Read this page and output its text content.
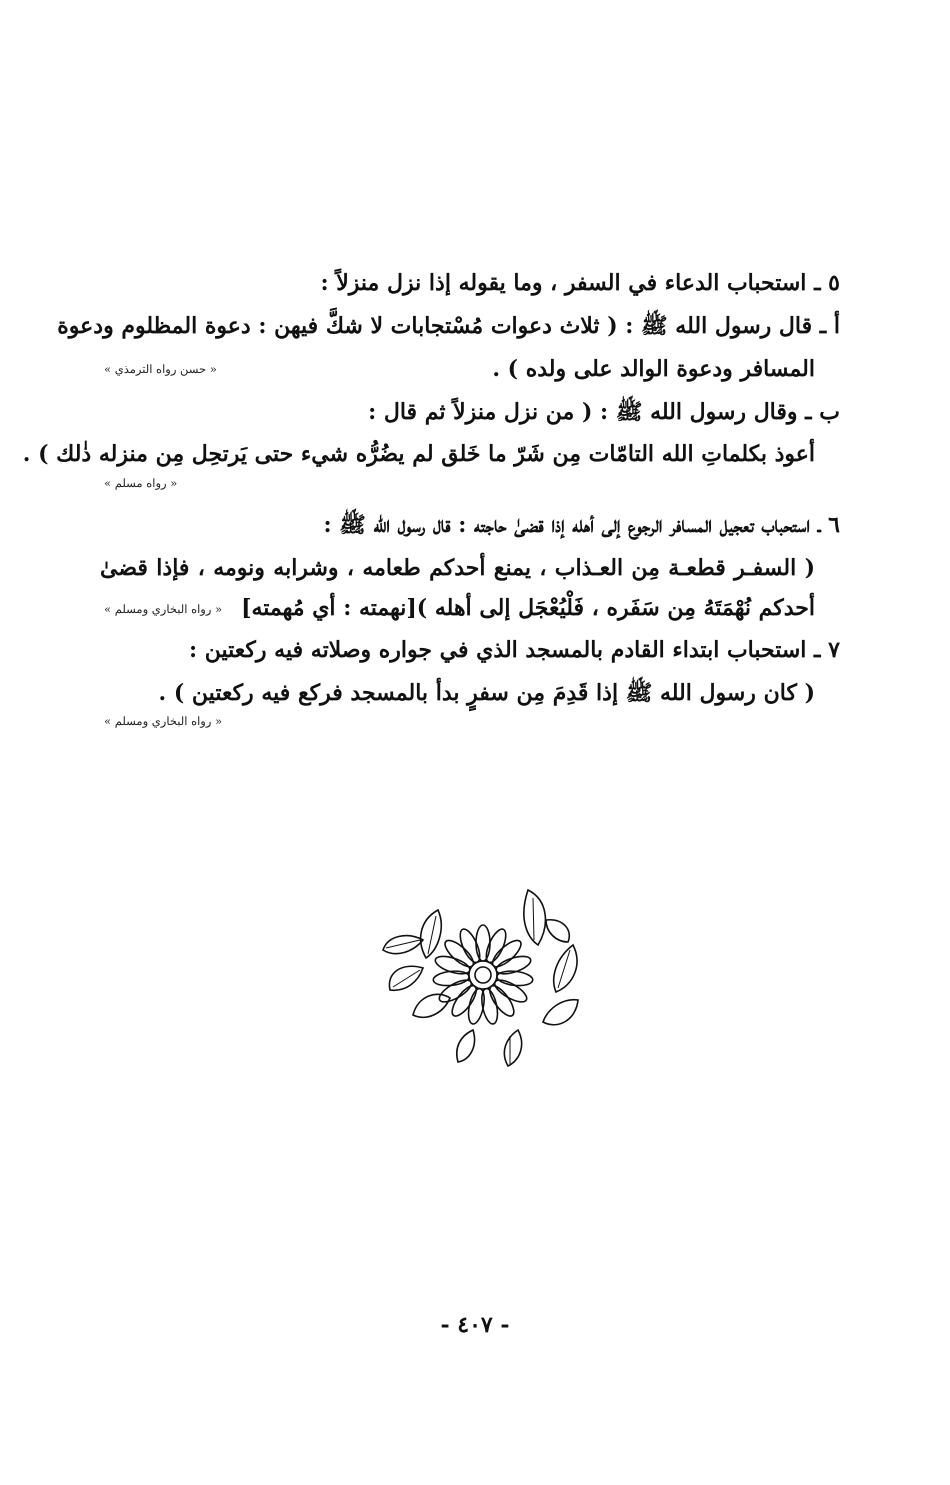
٥ ـ استحباب الدعاء في السفر ، وما يقوله إذا نزل منزلاً :
أ ـ قال رسول الله ﷺ : ( ثلاث دعوات مُسْتجابات لا شكَّ فيهن : دعوة المظلوم ودعوة
المسافر ودعوة الوالد على ولده ) .
« حسن رواه الترمذي »
ب ـ وقال رسول الله ﷺ : ( من نزل منزلاً ثم قال :
أعوذ بكلماتِ الله التامّات مِن شَرّ ما خَلق لم يضُرُّه شيء حتى يَرتحِل مِن منزله ذٰلك ) .
« رواه مسلم »
٦ ـ استحباب تعجيل المسافر الرجوع إلى أهله إذا قضىٰ حاجته : قال رسول الله ﷺ :
( السفـر قطعـة مِن العـذاب ، يمنع أحدكم طعامه ، وشرابه ونومه ، فإذا قضىٰ
أحدكم نُهْمَتَهُ مِن سَفَره ، فَلْيُعْجَل إلى أهله )[نهمته : أي مُهمته]
« رواه البخاري ومسلم »
٧ ـ استحباب ابتداء القادم بالمسجد الذي في جواره وصلاته فيه ركعتين :
( كان رسول الله ﷺ إذا قَدِمَ مِن سفرٍ بدأ بالمسجد فركع فيه ركعتين ) .
« رواه البخاري ومسلم »
- ٤٠٧ -
